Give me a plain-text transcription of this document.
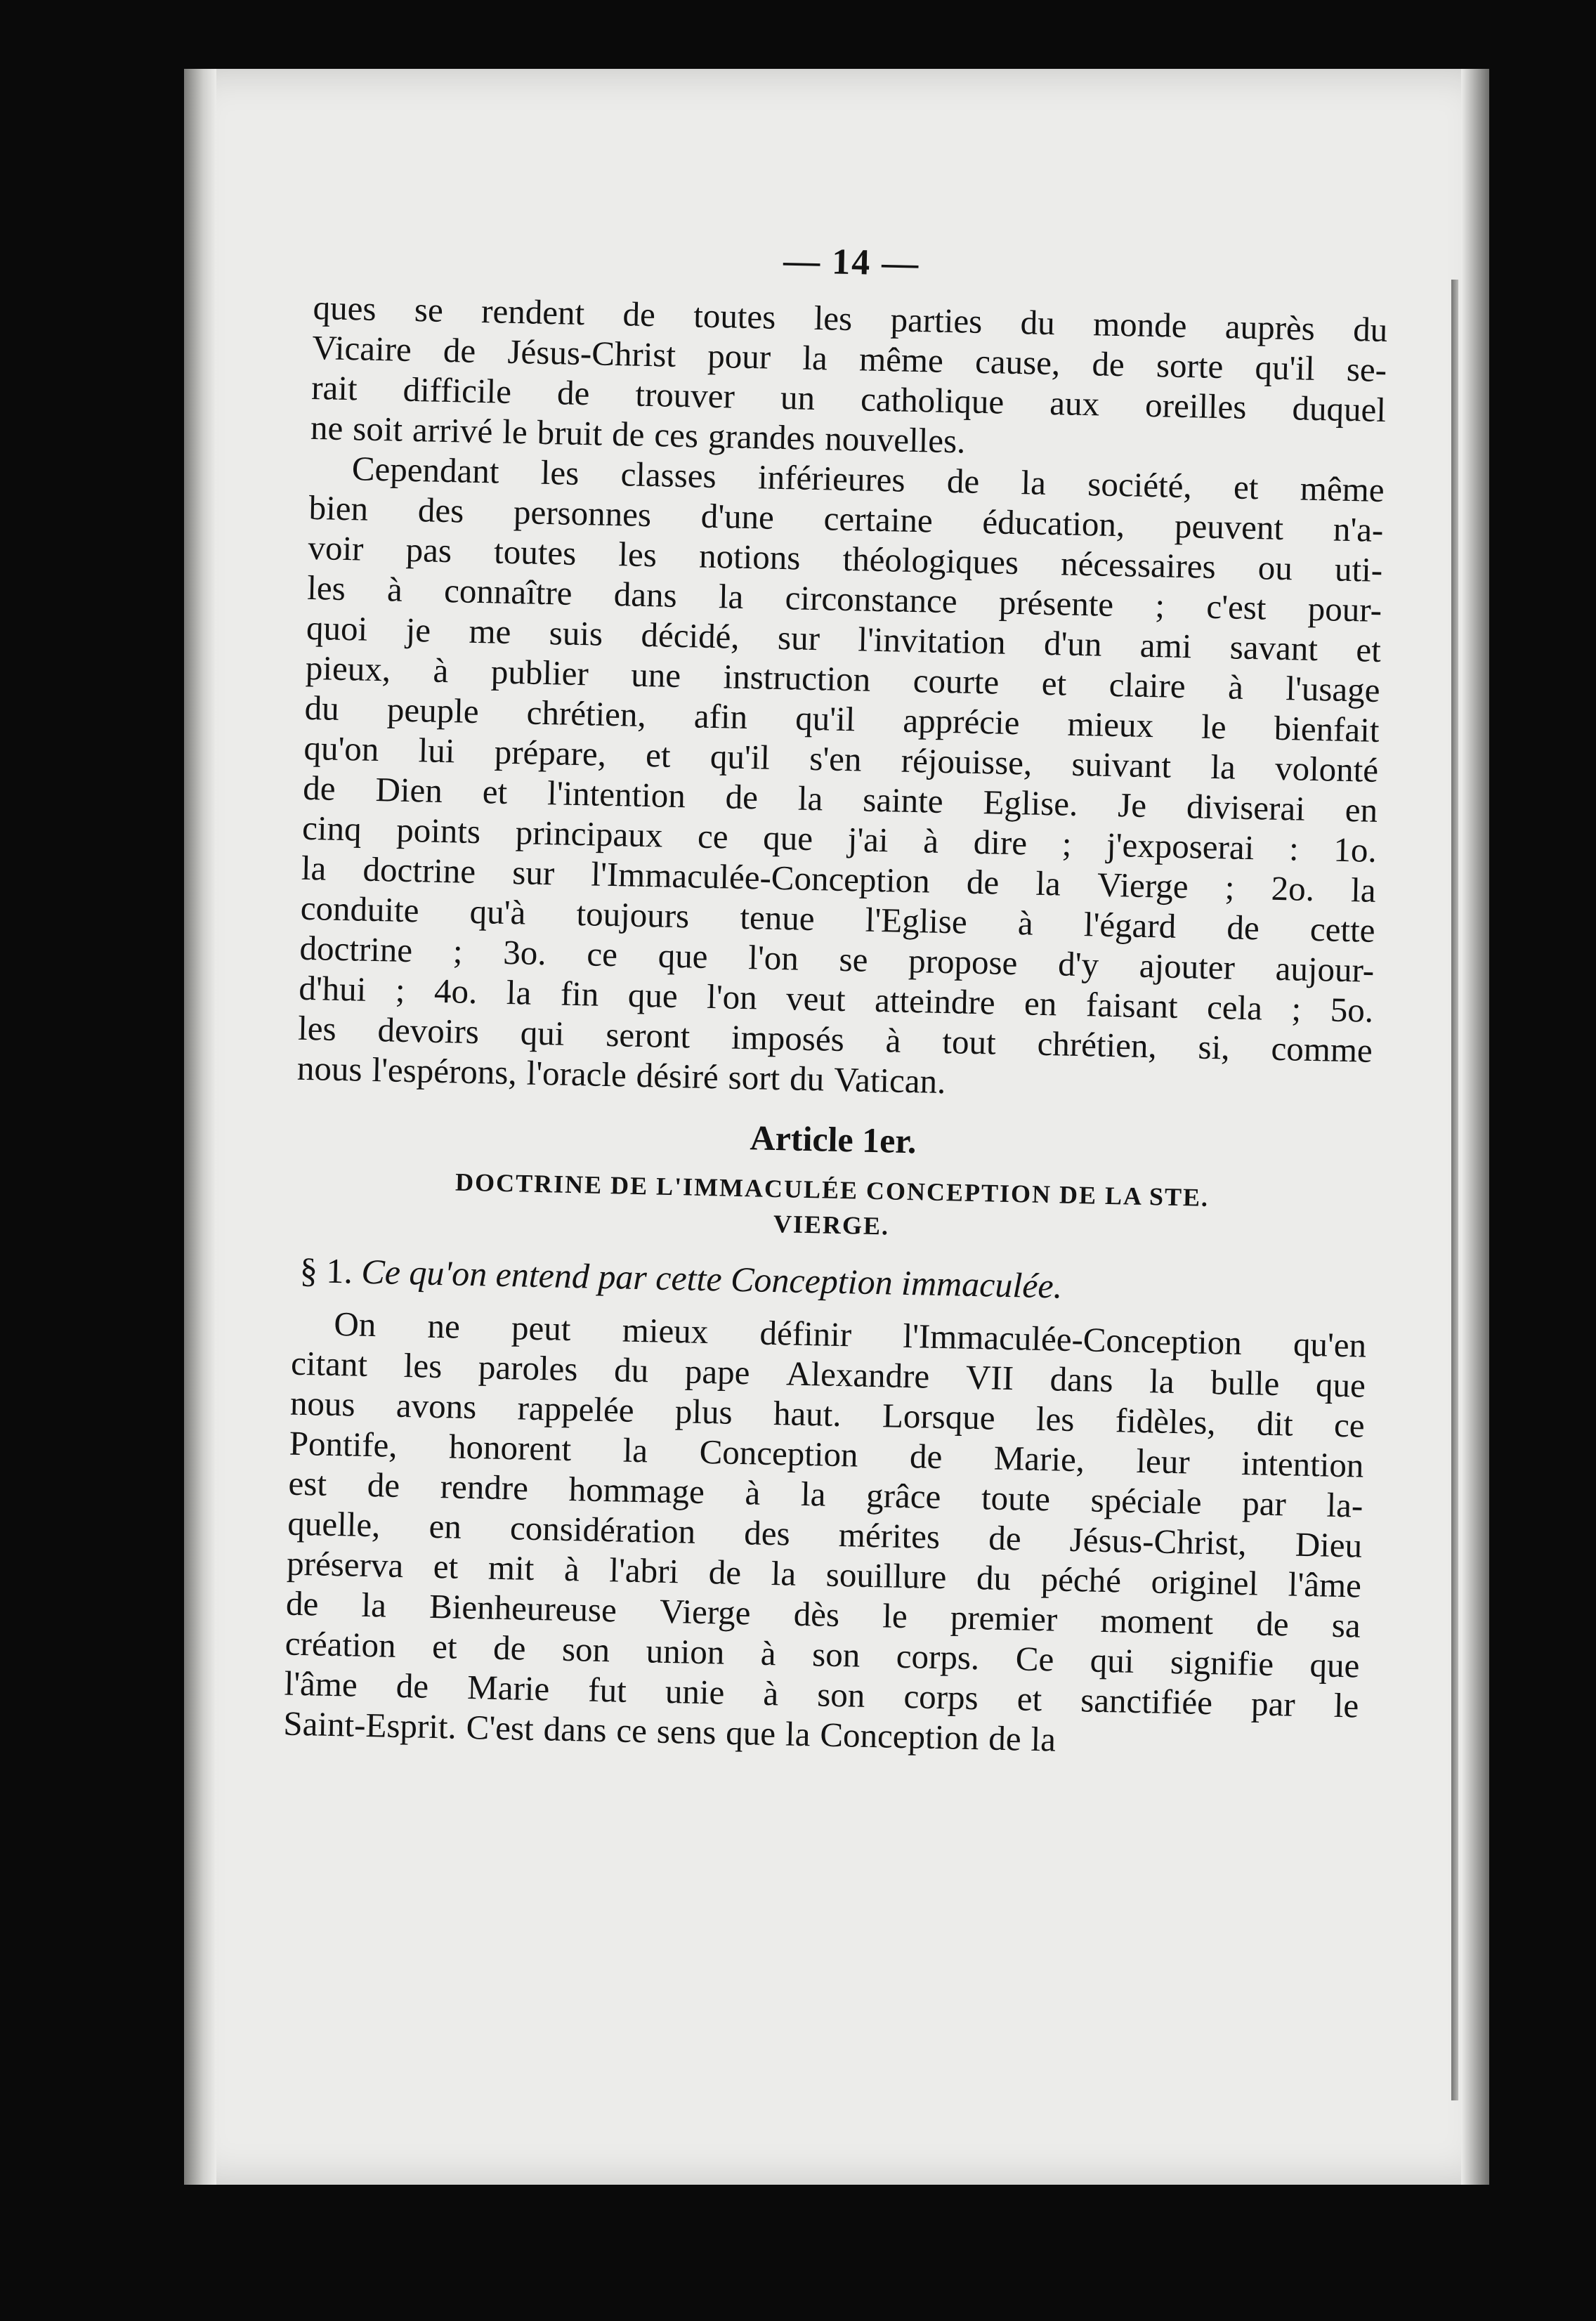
— 14 —
ques se rendent de toutes les parties du monde auprès du
Vicaire de Jésus-Christ pour la même cause, de sorte qu'il se-
rait difficile de trouver un catholique aux oreilles duquel
ne soit arrivé le bruit de ces grandes nouvelles.
Cependant les classes inférieures de la société, et même
bien des personnes d'une certaine éducation, peuvent n'a-
voir pas toutes les notions théologiques nécessaires ou uti-
les à connaître dans la circonstance présente ; c'est pour-
quoi je me suis décidé, sur l'invitation d'un ami savant et
pieux, à publier une instruction courte et claire à l'usage
du peuple chrétien, afin qu'il apprécie mieux le bienfait
qu'on lui prépare, et qu'il s'en réjouisse, suivant la volonté
de Dien et l'intention de la sainte Eglise. Je diviserai en
cinq points principaux ce que j'ai à dire ; j'exposerai : 1o.
la doctrine sur l'Immaculée-Conception de la Vierge ; 2o. la
conduite qu'à toujours tenue l'Eglise à l'égard de cette
doctrine ; 3o. ce que l'on se propose d'y ajouter aujour-
d'hui ; 4o. la fin que l'on veut atteindre en faisant cela ; 5o.
les devoirs qui seront imposés à tout chrétien, si, comme
nous l'espérons, l'oracle désiré sort du Vatican.
Article 1er.
DOCTRINE DE L'IMMACULÉE CONCEPTION DE LA STE.
VIERGE.
§ 1. Ce qu'on entend par cette Conception immaculée.
On ne peut mieux définir l'Immaculée-Conception qu'en
citant les paroles du pape Alexandre VII dans la bulle que
nous avons rappelée plus haut. Lorsque les fidèles, dit ce
Pontife, honorent la Conception de Marie, leur intention
est de rendre hommage à la grâce toute spéciale par la-
quelle, en considération des mérites de Jésus-Christ, Dieu
préserva et mit à l'abri de la souillure du péché originel l'âme
de la Bienheureuse Vierge dès le premier moment de sa
création et de son union à son corps. Ce qui signifie que
l'âme de Marie fut unie à son corps et sanctifiée par le
Saint-Esprit. C'est dans ce sens que la Conception de la
